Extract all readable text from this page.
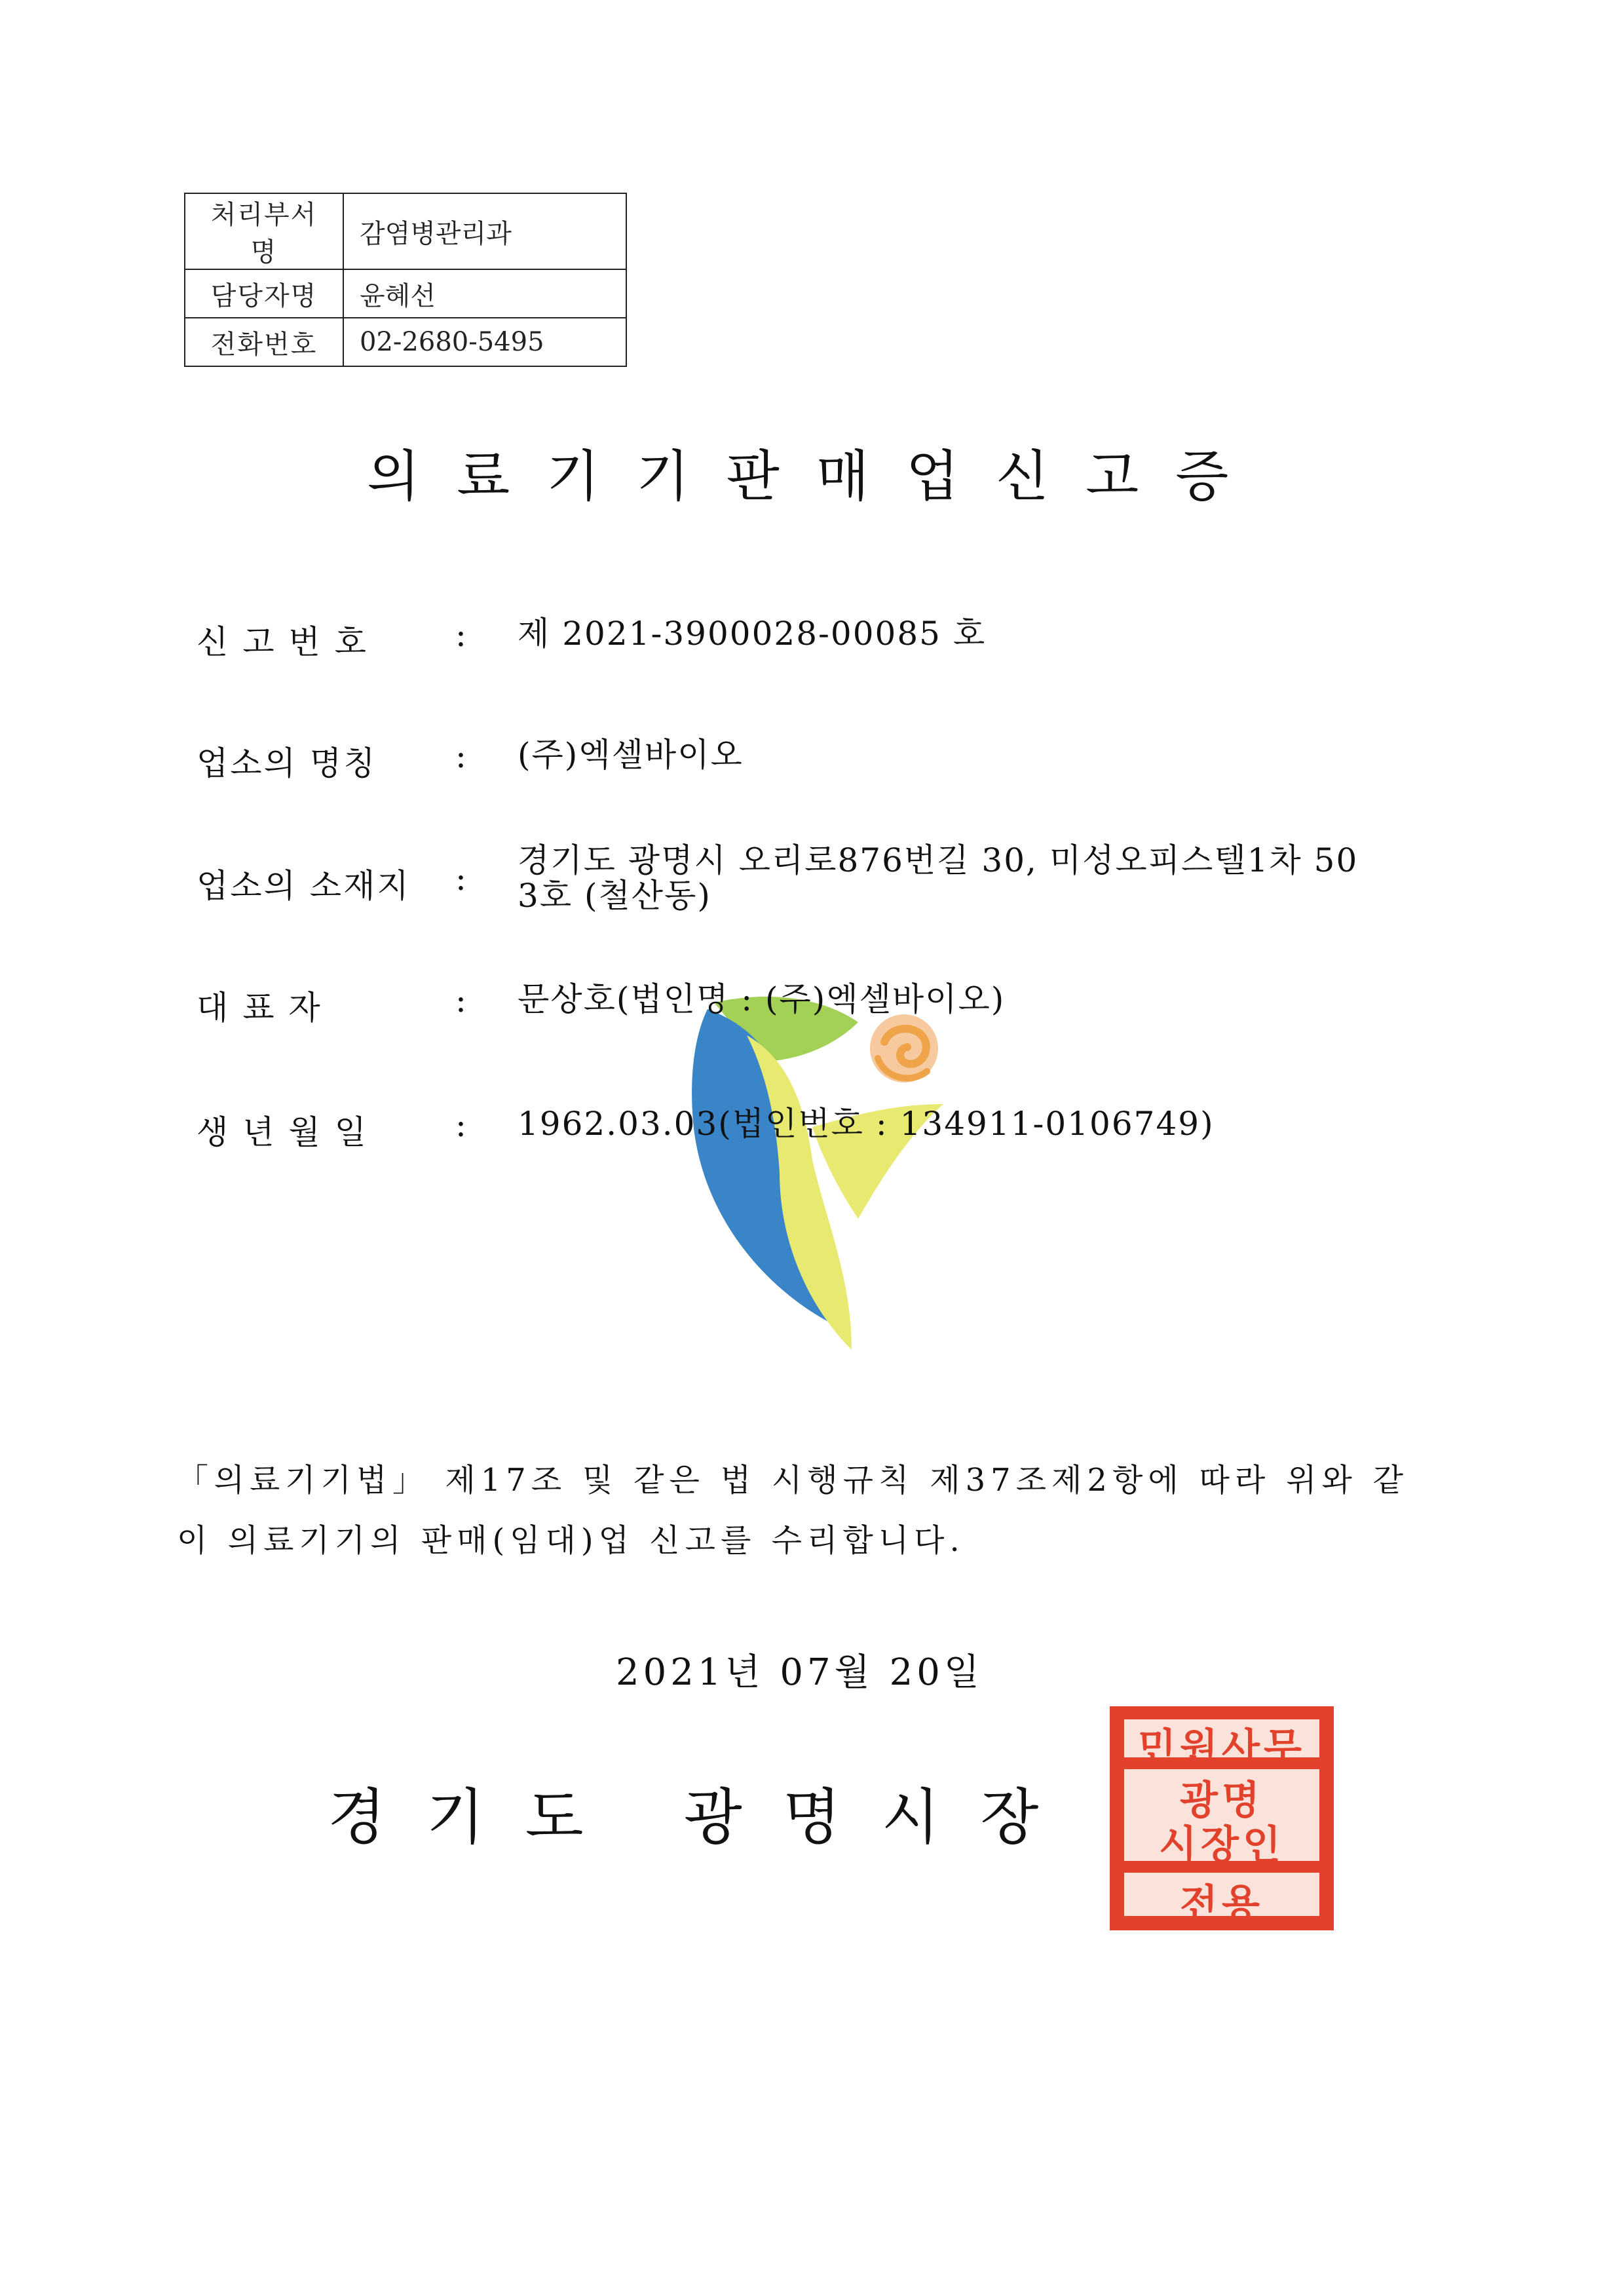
처리부서명	감염병관리과
담당자명	윤혜선
전화번호	02-2680-5495
의료기기판매업신고증
신 고 번 호	: 제 2021-3900028-00085 호
업소의 명칭	: (주)엑셀바이오
업소의 소재지 : 경기도 광명시 오리로876번길 30, 미성오피스텔1차 50
3호 (철산동)
대 표 자	: 문상호(법인명 : (주)엑셀바이오)
생 년 월 일	: 1962.03.03(법인번호 : 134911-0106749)

「의료기기법」 제17조 및 같은 법 시행규칙 제37조제2항에 따라 위와 같이 의료기기의 판매(임대)업 신고를 수리합니다.

2021년 07월 20일
경기도 광명시장
민원사무
광명
시장인
전용
